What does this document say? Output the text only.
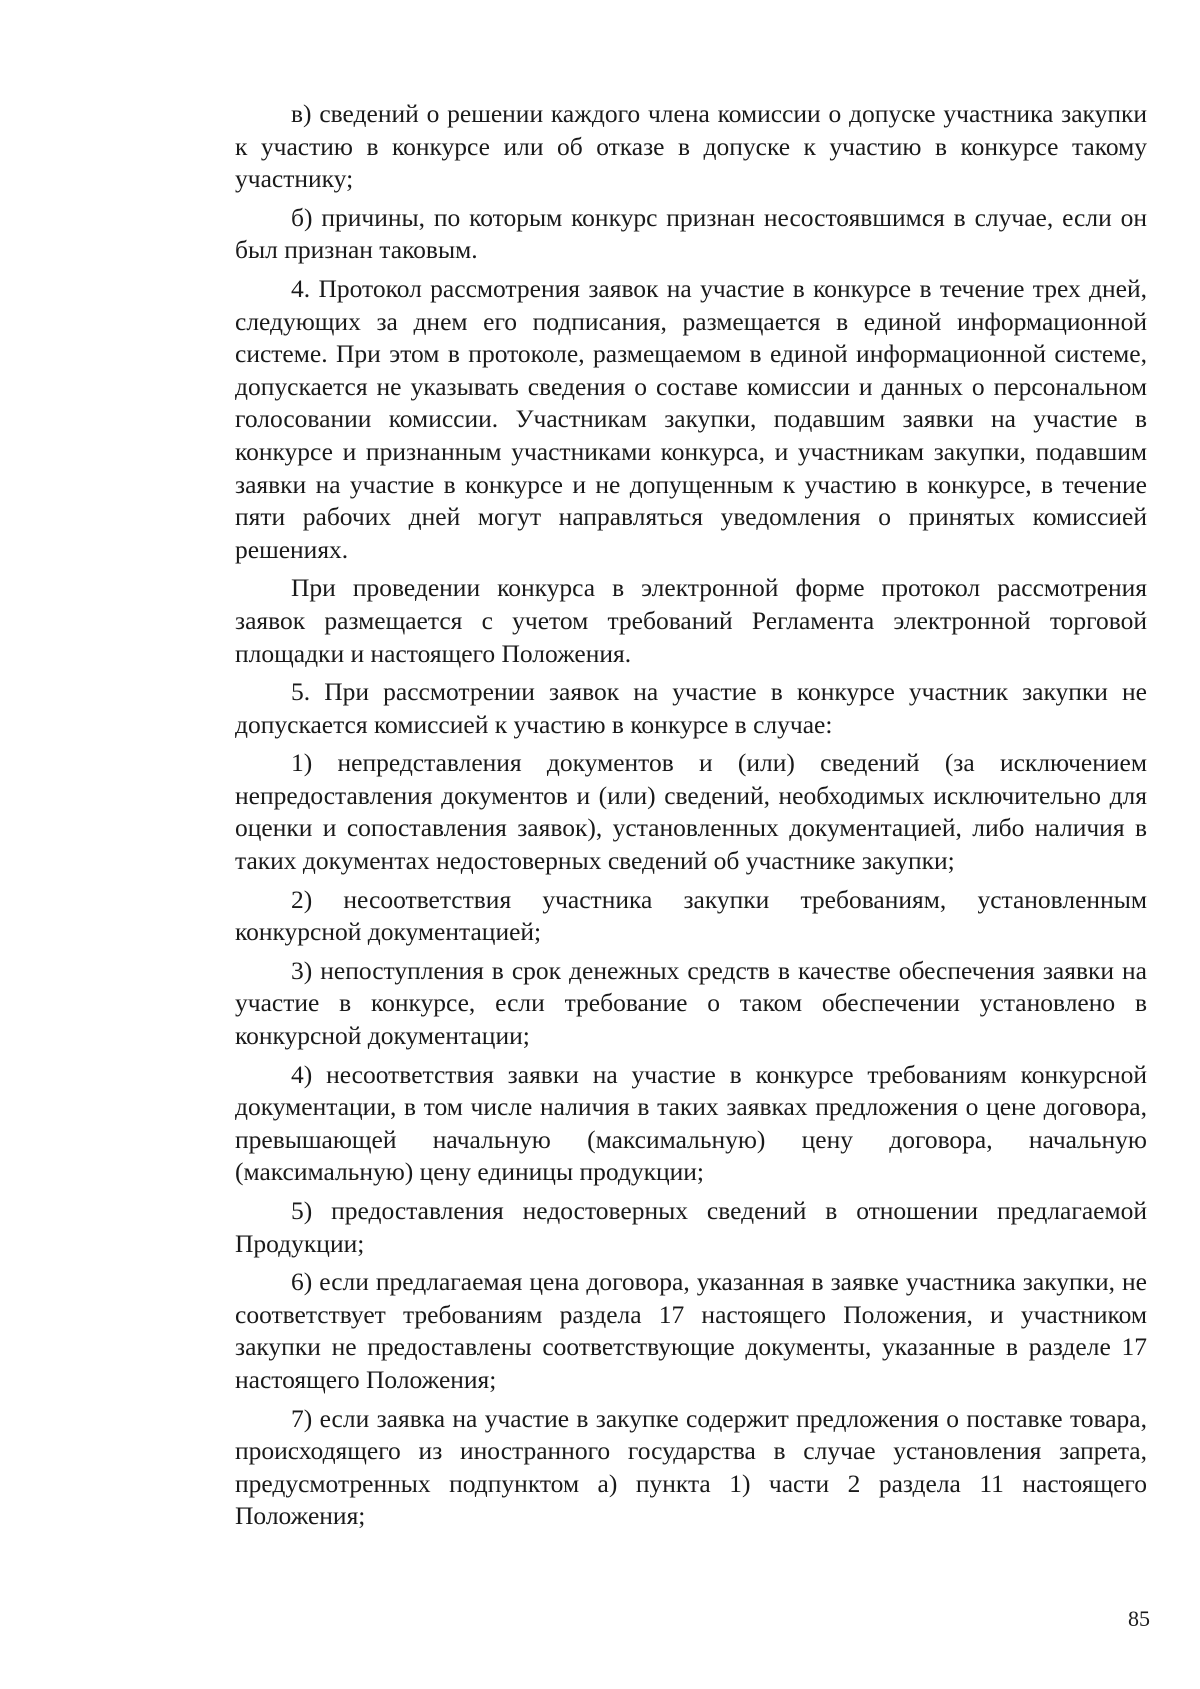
в) сведений о решении каждого члена комиссии о допуске участника закупки к участию в конкурсе или об отказе в допуске к участию в конкурсе такому участнику;

б) причины, по которым конкурс признан несостоявшимся в случае, если он был признан таковым.

4. Протокол рассмотрения заявок на участие в конкурсе в течение трех дней, следующих за днем его подписания, размещается в единой информационной системе. При этом в протоколе, размещаемом в единой информационной системе, допускается не указывать сведения о составе комиссии и данных о персональном голосовании комиссии. Участникам закупки, подавшим заявки на участие в конкурсе и признанным участниками конкурса, и участникам закупки, подавшим заявки на участие в конкурсе и не допущенным к участию в конкурсе, в течение пяти рабочих дней могут направляться уведомления о принятых комиссией решениях.

При проведении конкурса в электронной форме протокол рассмотрения заявок размещается с учетом требований Регламента электронной торговой площадки и настоящего Положения.

5. При рассмотрении заявок на участие в конкурсе участник закупки не допускается комиссией к участию в конкурсе в случае:

1) непредставления документов и (или) сведений (за исключением непредоставления документов и (или) сведений, необходимых исключительно для оценки и сопоставления заявок), установленных документацией, либо наличия в таких документах недостоверных сведений об участнике закупки;

2) несоответствия участника закупки требованиям, установленным конкурсной документацией;

3) непоступления в срок денежных средств в качестве обеспечения заявки на участие в конкурсе, если требование о таком обеспечении установлено в конкурсной документации;

4) несоответствия заявки на участие в конкурсе требованиям конкурсной документации, в том числе наличия в таких заявках предложения о цене договора, превышающей начальную (максимальную) цену договора, начальную (максимальную) цену единицы продукции;

5) предоставления недостоверных сведений в отношении предлагаемой Продукции;

6) если предлагаемая цена договора, указанная в заявке участника закупки, не соответствует требованиям раздела 17 настоящего Положения, и участником закупки не предоставлены соответствующие документы, указанные в разделе 17 настоящего Положения;

7) если заявка на участие в закупке содержит предложения о поставке товара, происходящего из иностранного государства в случае установления запрета, предусмотренных подпунктом а) пункта 1) части 2 раздела 11 настоящего Положения;

85
